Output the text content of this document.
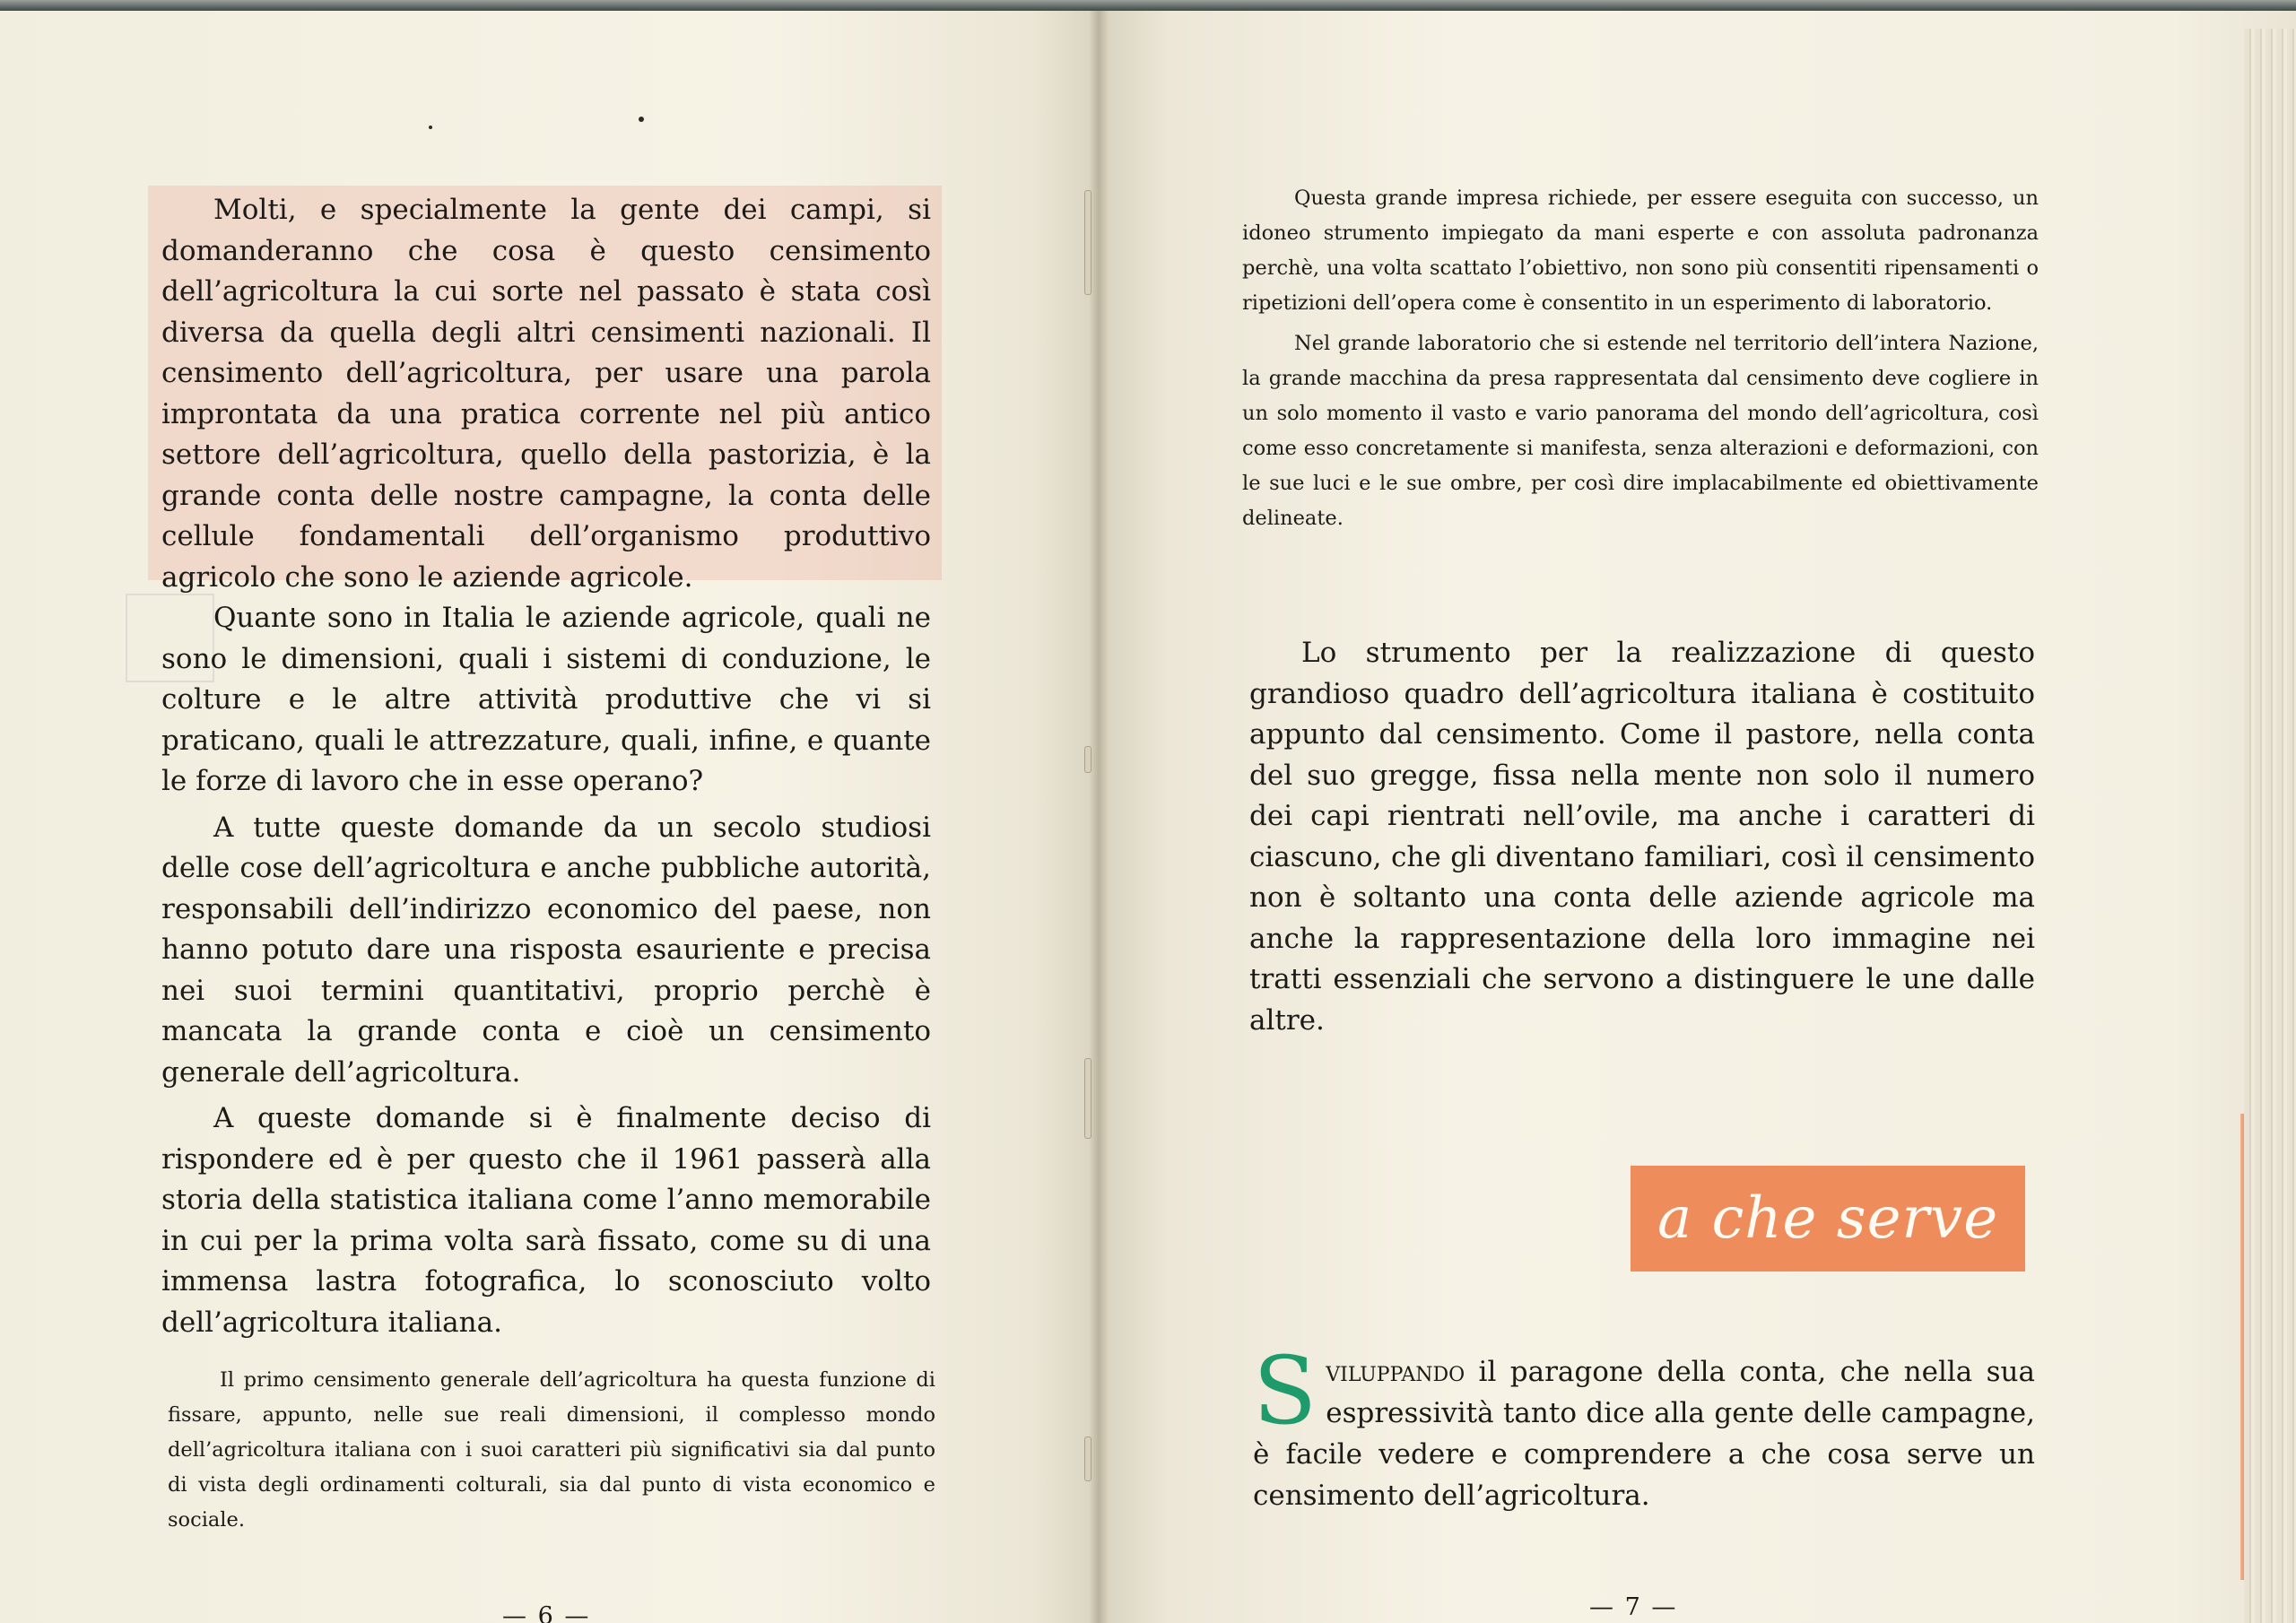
Molti, e specialmente la gente dei campi, si domanderanno che cosa è questo censimento dell’agricoltura la cui sorte nel passato è stata così diversa da quella degli altri censimenti nazionali. Il censimento dell’agricoltura, per usare una parola improntata da una pratica corrente nel più antico settore dell’agricoltura, quello della pastorizia, è la grande conta delle nostre campagne, la conta delle cellule fondamentali dell’organismo produttivo agricolo che sono le aziende agricole.

Quante sono in Italia le aziende agricole, quali ne sono le dimensioni, quali i sistemi di conduzione, le colture e le altre attività produttive che vi si praticano, quali le attrezzature, quali, infine, e quante le forze di lavoro che in esse operano?

A tutte queste domande da un secolo studiosi delle cose dell’agricoltura e anche pubbliche autorità, responsabili dell’indirizzo economico del paese, non hanno potuto dare una risposta esauriente e precisa nei suoi termini quantitativi, proprio perchè è mancata la grande conta e cioè un censimento generale dell’agricoltura.

A queste domande si è finalmente deciso di rispondere ed è per questo che il 1961 passerà alla storia della statistica italiana come l’anno memorabile in cui per la prima volta sarà fissato, come su di una immensa lastra fotografica, lo sconosciuto volto dell’agricoltura italiana.

Il primo censimento generale dell’agricoltura ha questa funzione di fissare, appunto, nelle sue reali dimensioni, il complesso mondo dell’agricoltura italiana con i suoi caratteri più significativi sia dal punto di vista degli ordinamenti colturali, sia dal punto di vista economico e sociale.
— 6 —

Questa grande impresa richiede, per essere eseguita con successo, un idoneo strumento impiegato da mani esperte e con assoluta padronanza perchè, una volta scattato l’obiettivo, non sono più consentiti ripensamenti o ripetizioni dell’opera come è consentito in un esperimento di laboratorio.

Nel grande laboratorio che si estende nel territorio dell’intera Nazione, la grande macchina da presa rappresentata dal censimento deve cogliere in un solo momento il vasto e vario panorama del mondo dell’agricoltura, così come esso concretamente si manifesta, senza alterazioni e deformazioni, con le sue luci e le sue ombre, per così dire implacabilmente ed obiettivamente delineate.

Lo strumento per la realizzazione di questo grandioso quadro dell’agricoltura italiana è costituito appunto dal censimento. Come il pastore, nella conta del suo gregge, fissa nella mente non solo il numero dei capi rientrati nell’ovile, ma anche i caratteri di ciascuno, che gli diventano familiari, così il censimento non è soltanto una conta delle aziende agricole ma anche la rappresentazione della loro immagine nei tratti essenziali che servono a distinguere le une dalle altre.
Sviluppando il paragone della conta, che nella sua espressività tanto dice alla gente delle campagne, è facile vedere e comprendere a che cosa serve un censimento dell’agricoltura.
— 7 —
a che serve
